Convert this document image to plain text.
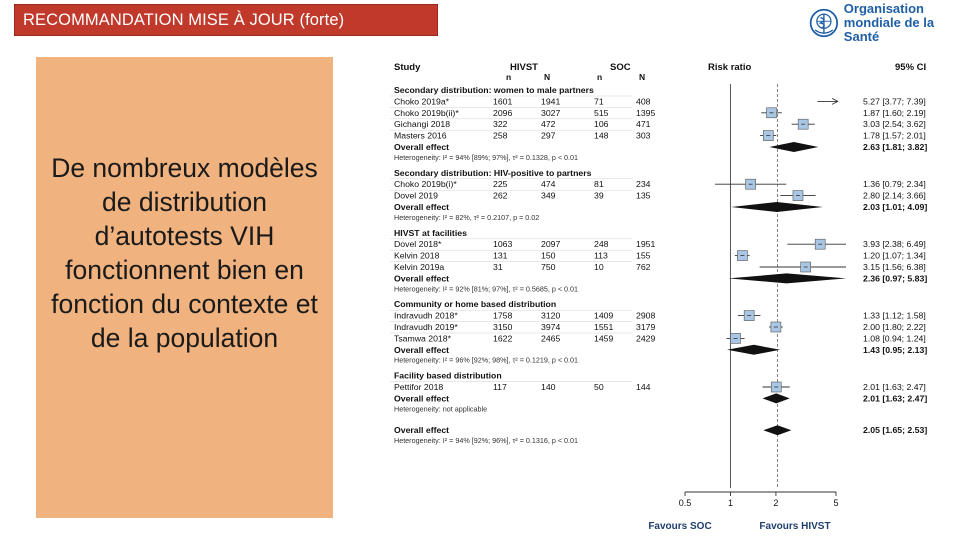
RECOMMANDATION MISE À JOUR (forte)
Organisation
mondiale de la Santé

De nombreux modèles de distribution d’autotests VIH fonctionnent bien en fonction du contexte et de la population

Study	HIVST	SOC
n	N	n	N
Risk ratio	95% CI
Secondary distribution: women to male partners
Choko 2019a*	1601	1941	71	408	5.27 [3.77; 7.39]
Choko 2019b(ii)*	2096	3027	515	1395	1.87 [1.60; 2.19]
Gichangi 2018	322	472	106	471	3.03 [2.54; 3.62]
Masters 2016	258	297	148	303	1.78 [1.57; 2.01]
Overall effect	2.63 [1.81; 3.82]
Heterogeneity: I² = 94% [89%; 97%], τ² = 0.1328, p < 0.01
Secondary distribution: HIV-positive to partners
Choko 2019b(i)*	225	474	81	234	1.36 [0.79; 2.34]
Dovel 2019	262	349	39	135	2.80 [2.14; 3.66]
Overall effect	2.03 [1.01; 4.09]
Heterogeneity: I² = 82%, τ² = 0.2107, p = 0.02
HIVST at facilities
Dovel 2018*	1063	2097	248	1951	3.93 [2.38; 6.49]
Kelvin 2018	131	150	113	155	1.20 [1.07; 1.34]
Kelvin 2019a	31	750	10	762	3.15 [1.56; 6.38]
Overall effect	2.36 [0.97; 5.83]
Heterogeneity: I² = 92% [81%; 97%], τ² = 0.5685, p < 0.01
Community or home based distribution
Indravudh 2018*	1758	3120	1409	2908	1.33 [1.12; 1.58]
Indravudh 2019*	3150	3974	1551	3179	2.00 [1.80; 2.22]
Tsamwa 2018*	1622	2465	1459	2429	1.08 [0.94; 1.24]
Overall effect	1.43 [0.95; 2.13]
Heterogeneity: I² = 96% [92%; 98%], τ² = 0.1219, p < 0.01
Facility based distribution
Pettifor 2018	117	140	50	144	2.01 [1.63; 2.47]
Overall effect	2.01 [1.63; 2.47]
Heterogeneity: not applicable
Overall effect	2.05 [1.65; 2.53]
Heterogeneity: I² = 94% [92%; 96%], τ² = 0.1316, p < 0.01
0.5	1	2	5
Favours SOC	Favours HIVST
